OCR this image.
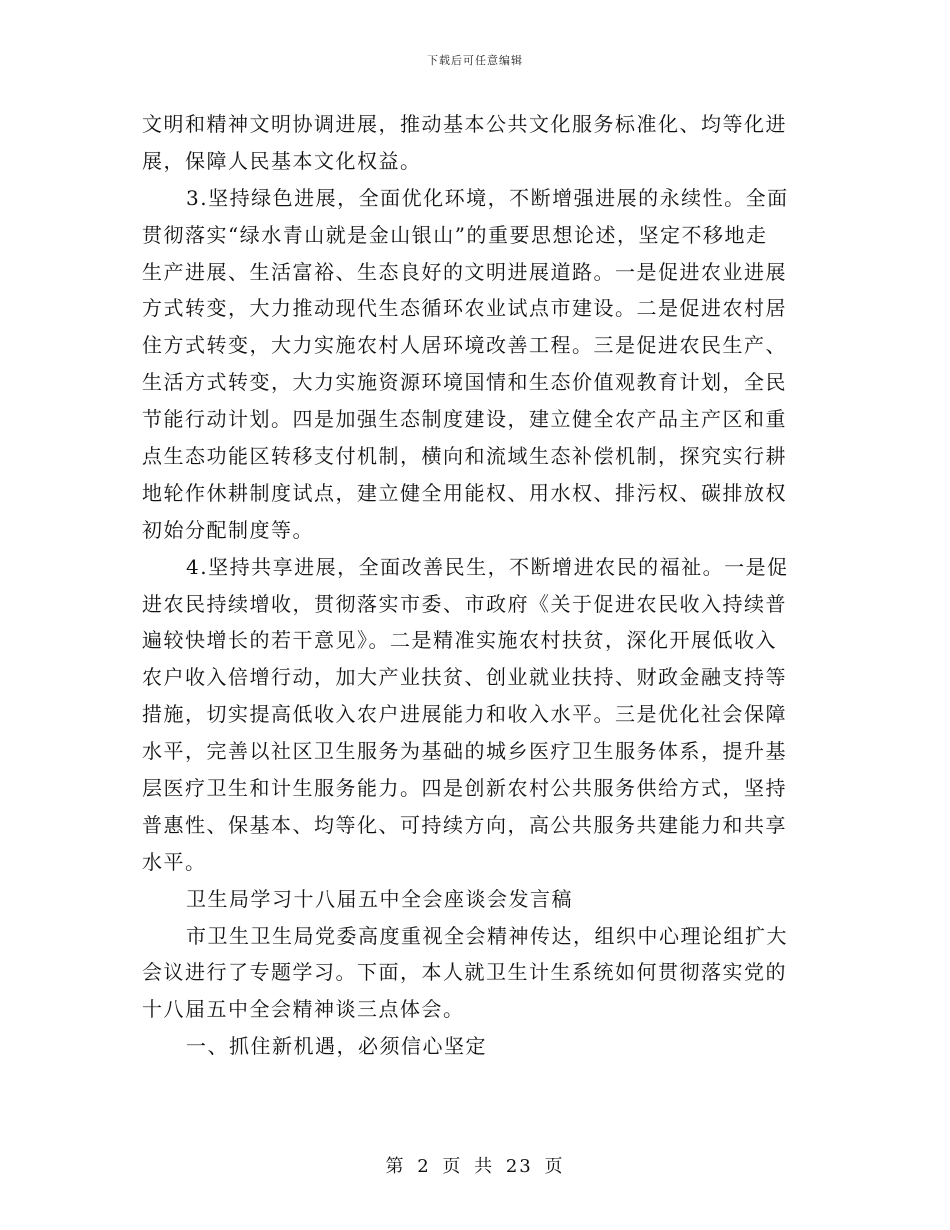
下载后可任意编辑
文明和精神文明协调进展，推动基本公共文化服务标准化、均等化进
展，保障人民基本文化权益。
3.坚持绿色进展，全面优化环境，不断增强进展的永续性。全面
贯彻落实“绿水青山就是金山银山”的重要思想论述，坚定不移地走
生产进展、生活富裕、生态良好的文明进展道路。一是促进农业进展
方式转变，大力推动现代生态循环农业试点市建设。二是促进农村居
住方式转变，大力实施农村人居环境改善工程。三是促进农民生产、
生活方式转变，大力实施资源环境国情和生态价值观教育计划，全民
节能行动计划。四是加强生态制度建设，建立健全农产品主产区和重
点生态功能区转移支付机制，横向和流域生态补偿机制，探究实行耕
地轮作休耕制度试点，建立健全用能权、用水权、排污权、碳排放权
初始分配制度等。
4.坚持共享进展，全面改善民生，不断增进农民的福祉。一是促
进农民持续增收，贯彻落实市委、市政府《关于促进农民收入持续普
遍较快增长的若干意见》。二是精准实施农村扶贫，深化开展低收入
农户收入倍增行动，加大产业扶贫、创业就业扶持、财政金融支持等
措施，切实提高低收入农户进展能力和收入水平。三是优化社会保障
水平，完善以社区卫生服务为基础的城乡医疗卫生服务体系，提升基
层医疗卫生和计生服务能力。四是创新农村公共服务供给方式，坚持
普惠性、保基本、均等化、可持续方向，高公共服务共建能力和共享
水平。
卫生局学习十八届五中全会座谈会发言稿
市卫生卫生局党委高度重视全会精神传达，组织中心理论组扩大
会议进行了专题学习。下面，本人就卫生计生系统如何贯彻落实党的
十八届五中全会精神谈三点体会。
一、抓住新机遇，必须信心坚定
第 2 页 共 23 页
